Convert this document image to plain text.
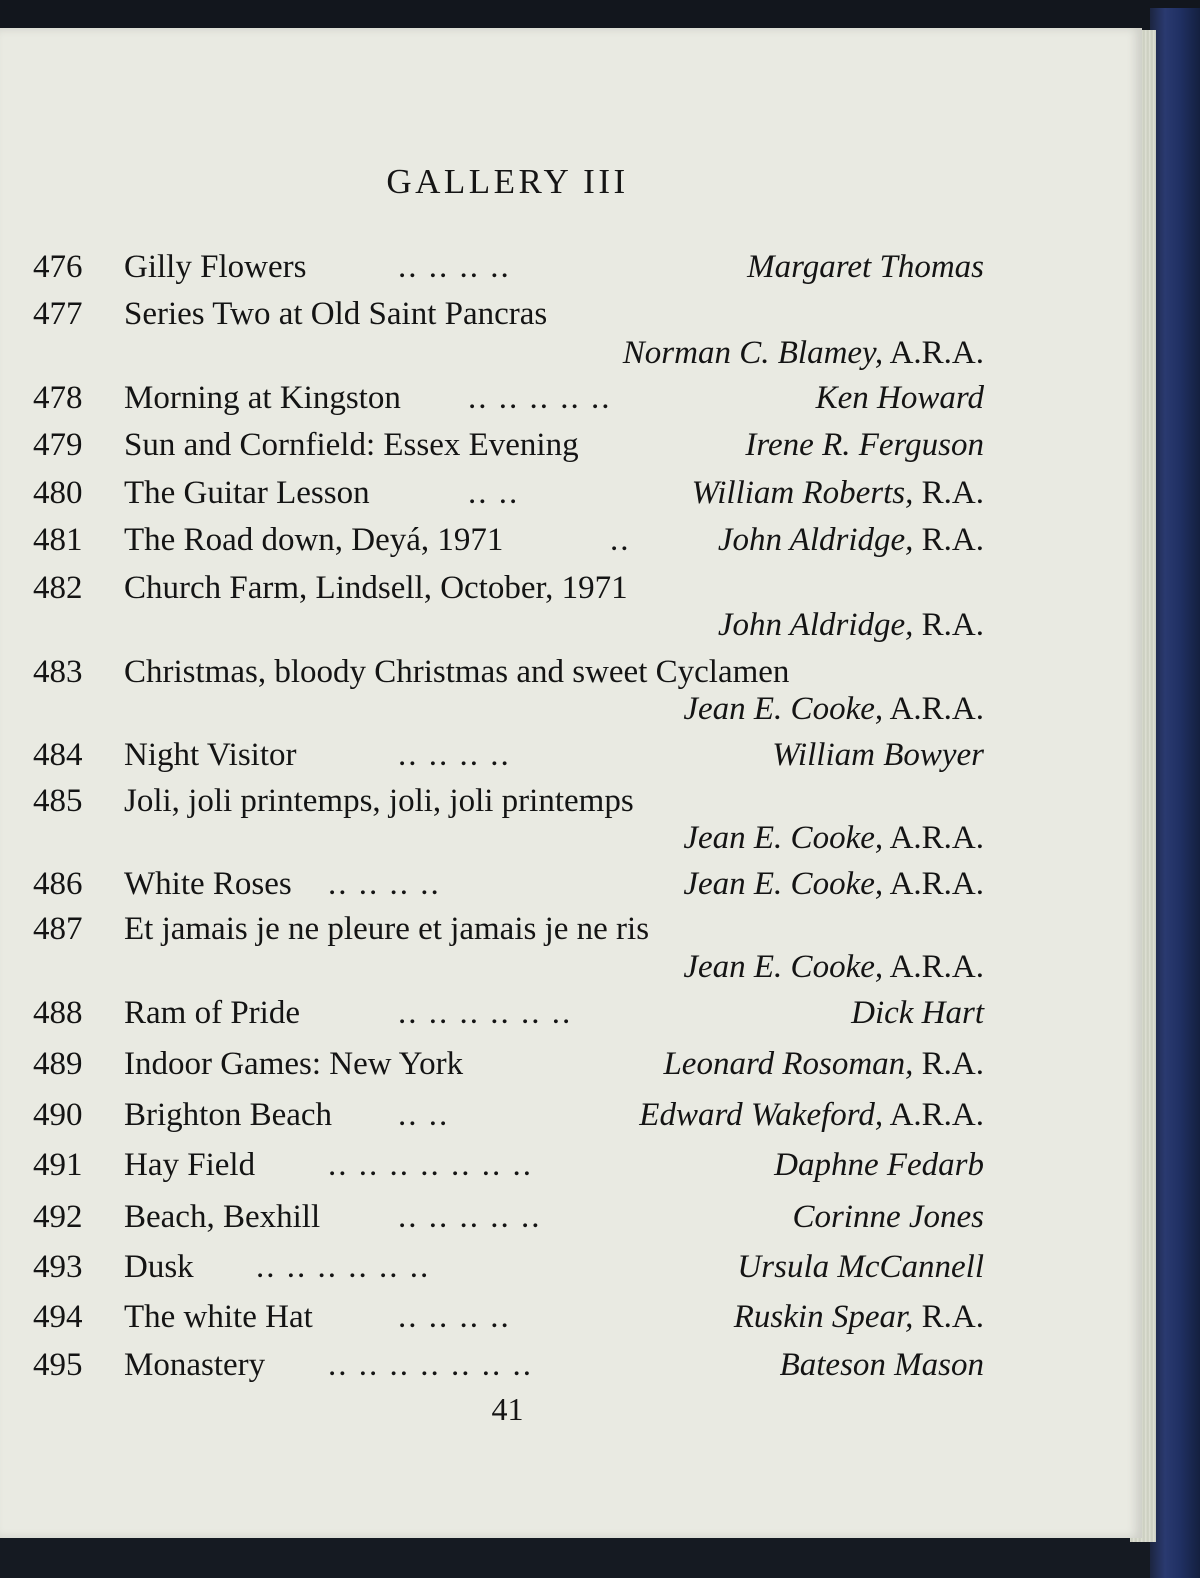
GALLERY III
476 Gilly Flowers	.. .. .. ..	Margaret Thomas
477 Series Two at Old Saint Pancras
Norman C. Blamey, A.R.A.
478 Morning at Kingston .. .. .. .. ..	Ken Howard
479 Sun and Cornfield: Essex Evening	Irene R. Ferguson
480 The Guitar Lesson	.. ..	William Roberts, R.A.
481 The Road down, Deyá, 1971	..	John Aldridge, R.A.
482 Church Farm, Lindsell, October, 1971
John Aldridge, R.A.
483 Christmas, bloody Christmas and sweet Cyclamen
Jean E. Cooke, A.R.A.
484 Night Visitor	.. .. .. ..	William Bowyer
485 Joli, joli printemps, joli, joli printemps
Jean E. Cooke, A.R.A.
486 White Roses .. .. .. ..	Jean E. Cooke, A.R.A.
487 Et jamais je ne pleure et jamais je ne ris
Jean E. Cooke, A.R.A.
488 Ram of Pride	.. .. .. .. .. ..	Dick Hart
489 Indoor Games: New York	Leonard Rosoman, R.A.
490 Brighton Beach .. ..	Edward Wakeford, A.R.A.
491 Hay Field .. .. .. .. .. .. ..	Daphne Fedarb
492 Beach, Bexhill .. .. .. .. ..	Corinne Jones
493 Dusk .. .. .. .. .. ..	Ursula McCannell
494 The white Hat	.. .. .. ..	Ruskin Spear, R.A.
495 Monastery .. .. .. .. .. .. ..	Bateson Mason
41
